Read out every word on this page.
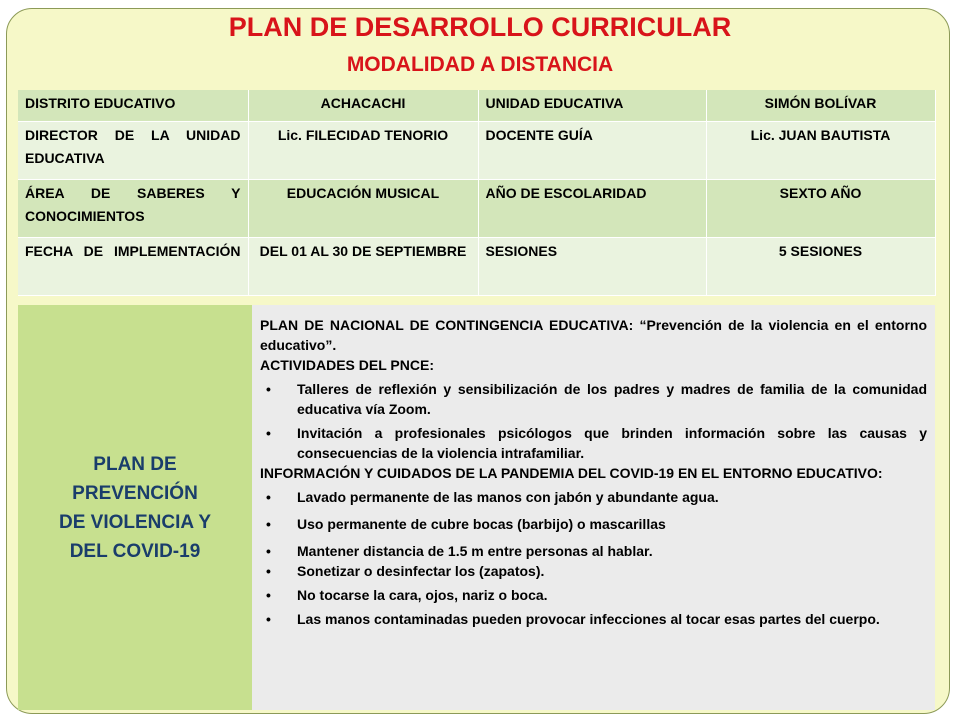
PLAN DE DESARROLLO CURRICULAR
MODALIDAD A DISTANCIA
DISTRITO EDUCATIVO	ACHACACHI	UNIDAD EDUCATIVA	SIMÓN BOLÍVAR
DIRECTOR DE LA UNIDAD EDUCATIVA	Lic. FILECIDAD TENORIO	DOCENTE GUÍA	Lic. JUAN BAUTISTA
ÁREA DE SABERES Y CONOCIMIENTOS	EDUCACIÓN MUSICAL	AÑO DE ESCOLARIDAD	SEXTO AÑO
FECHA DE IMPLEMENTACIÓN	DEL 01 AL 30 DE SEPTIEMBRE	SESIONES	5 SESIONES
PLAN DE
PREVENCIÓN
DE VIOLENCIA Y
DEL COVID-19

PLAN DE NACIONAL DE CONTINGENCIA EDUCATIVA: “Prevención de la violencia en el entorno educativo”.

ACTIVIDADES DEL PNCE:

• Talleres de reflexión y sensibilización de los padres y madres de familia de la comunidad educativa vía Zoom.
• Invitación a profesionales psicólogos que brinden información sobre las causas y consecuencias de la violencia intrafamiliar.

INFORMACIÓN Y CUIDADOS DE LA PANDEMIA DEL COVID-19 EN EL ENTORNO EDUCATIVO:

• Lavado permanente de las manos con jabón y abundante agua.
• Uso permanente de cubre bocas (barbijo) o mascarillas
• Mantener distancia de 1.5 m entre personas al hablar.
• Sonetizar o desinfectar los (zapatos).
• No tocarse la cara, ojos, nariz o boca.
• Las manos contaminadas pueden provocar infecciones al tocar esas partes del cuerpo.
